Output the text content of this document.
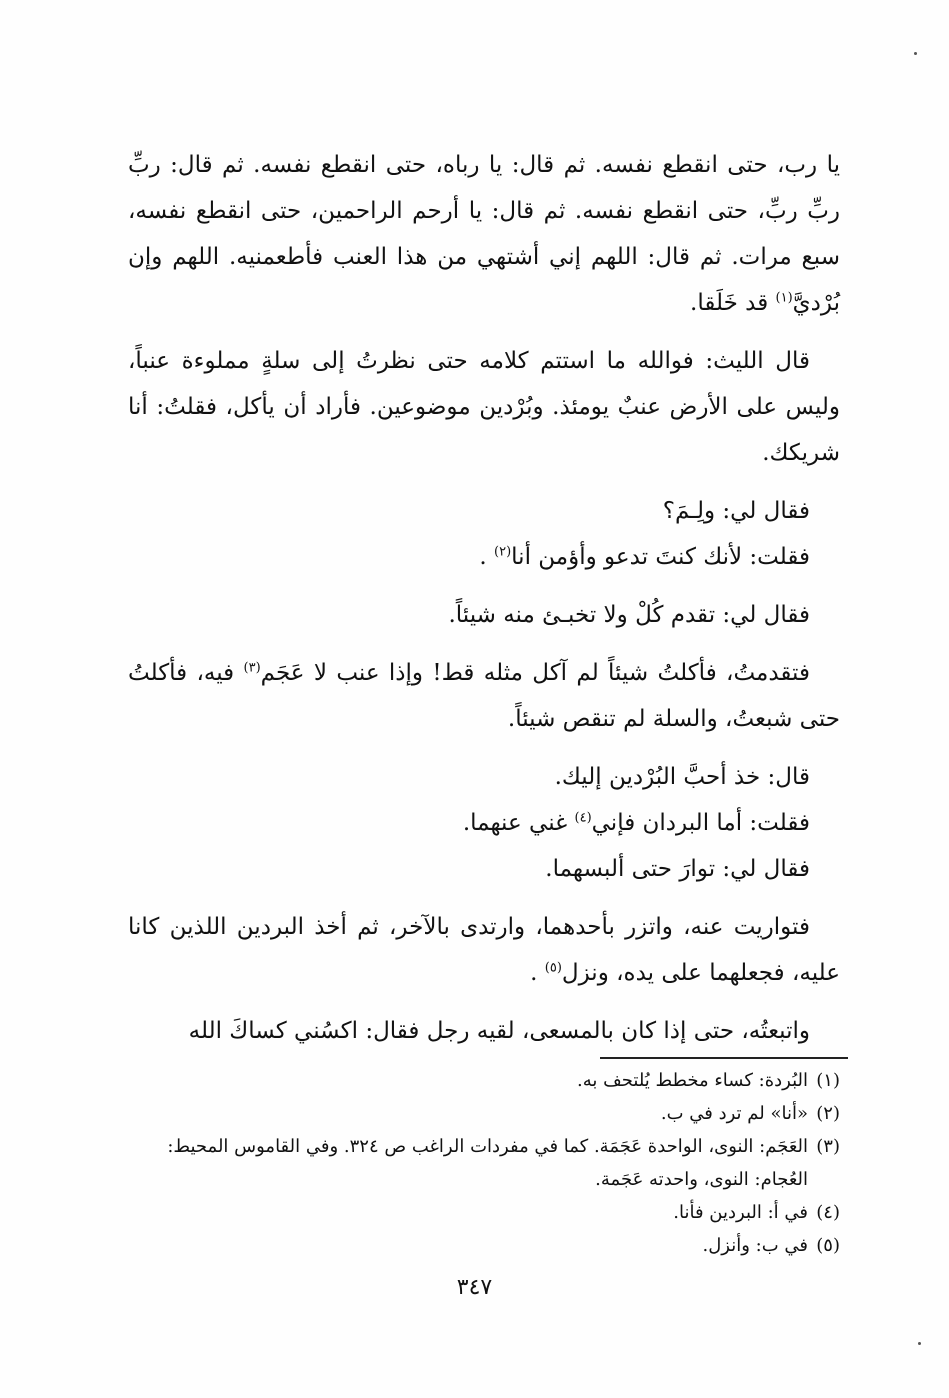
يا رب، حتى انقطع نفسه. ثم قال: يا رباه، حتى انقطع نفسه. ثم قال: ربِّ ربِّ ربِّ، حتى انقطع نفسه. ثم قال: يا أرحم الراحمين، حتى انقطع نفسه، سبع مرات. ثم قال: اللهم إني أشتهي من هذا العنب فأطعمنيه. اللهم وإن بُرْديَّ$^{(١)}$ قد خَلَقا.

قال الليث: فوالله ما استتم كلامه حتى نظرتُ إلى سلةٍ مملوءة عنباً، وليس على الأرض عنبٌ يومئذ. وبُرْدين موضوعين. فأراد أن يأكل، فقلتُ: أنا شريكك.

فقال لي: ولِـمَ؟
فقلت: لأنك كنتَ تدعو وأؤمن أنا$^{(٢)}$ .
فقال لي: تقدم كُلْ ولا تخبـئ منه شيئاً.

فتقدمتُ، فأكلتُ شيئاً لم آكل مثله قط! وإذا عنب لا عَجَم$^{(٣)}$ فيه، فأكلتُ حتى شبعتُ، والسلة لم تنقص شيئاً.

قال: خذ أحبَّ البُرْدين إليك.
فقلت: أما البردان فإني$^{(٤)}$ غني عنهما.
فقال لي: توارَ حتى ألبسهما.

فتواريت عنه، واتزر بأحدهما، وارتدى بالآخر، ثم أخذ البردين اللذين كانا عليه، فجعلهما على يده، ونزل$^{(٥)}$ .

واتبعتُه، حتى إذا كان بالمسعى، لقيه رجل فقال: اكسُني كساكَ الله

(١)البُردة: كساء مخطط يُلتحف به.
(٢)«أنا» لم ترد في ب.
(٣)العَجَم: النوى، الواحدة عَجَمَة. كما في مفردات الراغب ص ٣٢٤. وفي القاموس المحيط: العُجام: النوى، واحدته عَجَمة.
(٤)في أ: البردين فأنا.
(٥)في ب: وأنزل.
٣٤٧
